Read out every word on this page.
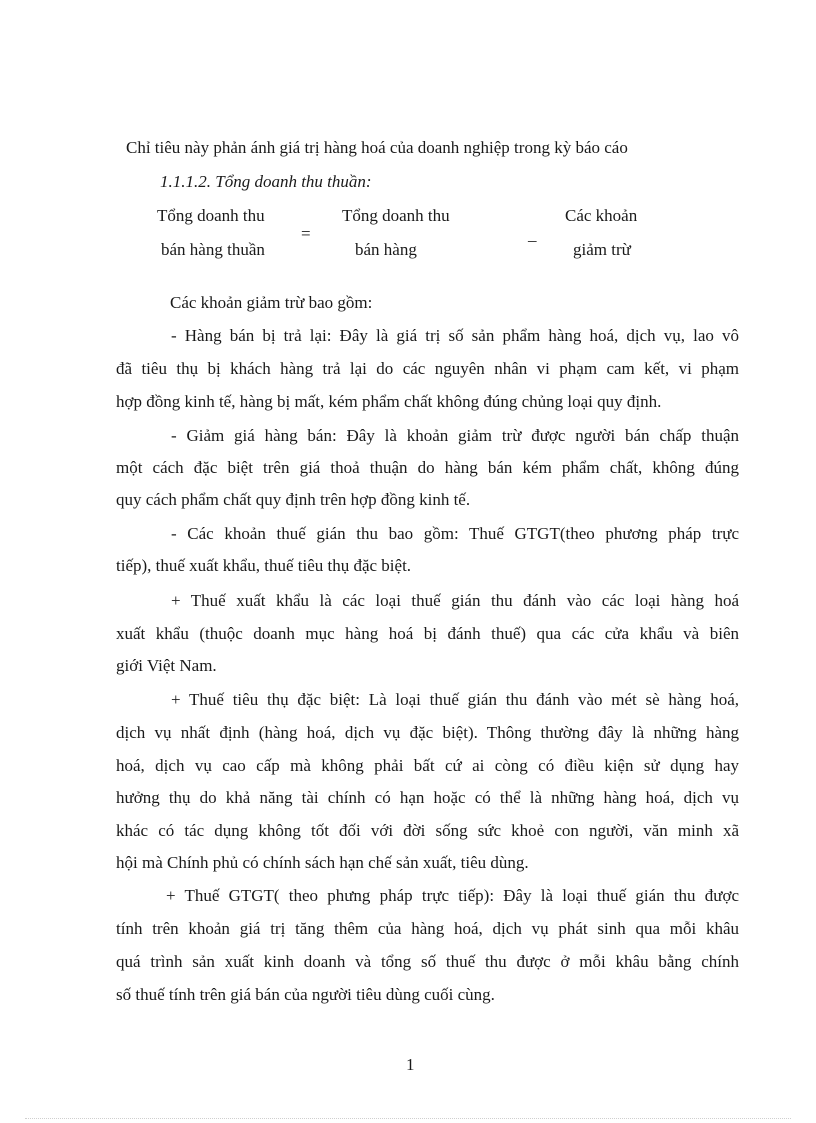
Chỉ tiêu này phản ánh giá trị hàng hoá của doanh nghiệp trong kỳ báo cáo
1.1.1.2. Tổng doanh thu thuần:
Tổng doanh thu
bán hàng thuần
=
Tổng doanh thu
bán hàng
_
Các khoản
giảm trừ
Các khoản giảm trừ bao gồm:
- Hàng bán bị trả lại: Đây là giá trị số sản phẩm hàng hoá, dịch vụ, lao vô
đã tiêu thụ bị khách hàng trả lại do các nguyên nhân vi phạm cam kết, vi phạm
hợp đồng kinh tế, hàng bị mất, kém phẩm chất không đúng chủng loại quy định.
- Giảm giá hàng bán: Đây là khoản giảm trừ được người bán chấp thuận
một cách đặc biệt trên giá thoả thuận do hàng bán kém phẩm chất, không đúng
quy cách phẩm chất quy định trên hợp đồng kinh tế.
- Các khoản thuế gián thu bao gồm: Thuế GTGT(theo phương pháp trực
tiếp), thuế xuất khẩu, thuế tiêu thụ đặc biệt.
+ Thuế xuất khẩu là các loại thuế gián thu đánh vào các loại hàng hoá
xuất khẩu (thuộc doanh mục hàng hoá bị đánh thuế) qua các cửa khẩu và biên
giới Việt Nam.
+ Thuế tiêu thụ đặc biệt: Là loại thuế gián thu đánh vào mét sè hàng hoá,
dịch vụ nhất định (hàng hoá, dịch vụ đặc biệt). Thông thường đây là những hàng
hoá, dịch vụ cao cấp mà không phải bất cứ ai còng có điều kiện sử dụng hay
hưởng thụ do khả năng tài chính có hạn hoặc có thể là những hàng hoá, dịch vụ
khác có tác dụng không tốt đối với đời sống sức khoẻ con người, văn minh xã
hội mà Chính phủ có chính sách hạn chế sản xuất, tiêu dùng.
+ Thuế GTGT( theo phưng pháp trực tiếp): Đây là loại thuế gián thu được
tính trên khoản giá trị tăng thêm của hàng hoá, dịch vụ phát sinh qua mỗi khâu
quá trình sản xuất kinh doanh và tổng số thuế thu được ở mỗi khâu bằng chính
số thuế tính trên giá bán của người tiêu dùng cuối cùng.
1
